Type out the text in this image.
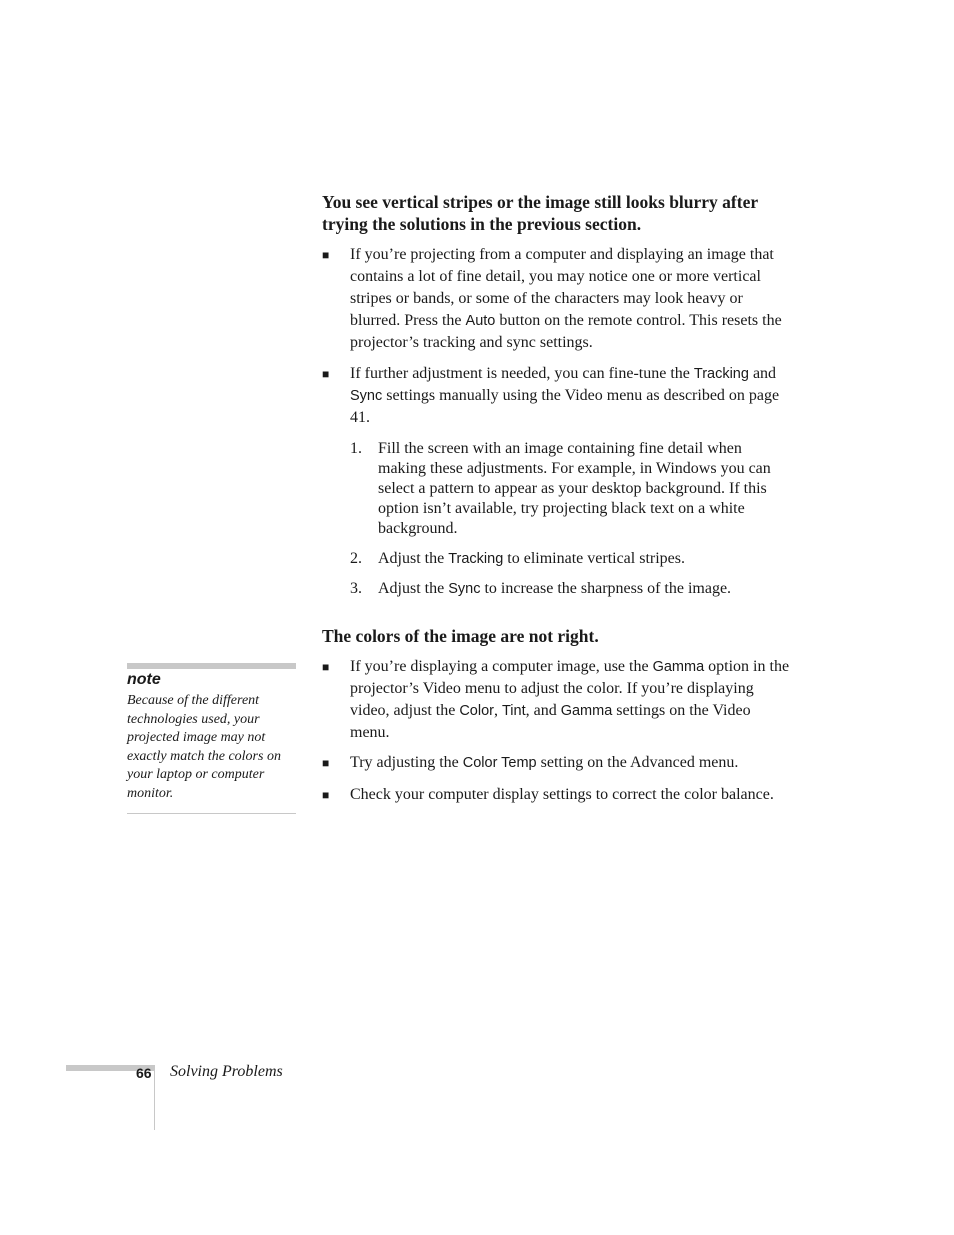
You see vertical stripes or the image still looks blurry after trying the solutions in the previous section.
■ If you’re projecting from a computer and displaying an image that contains a lot of fine detail, you may notice one or more vertical stripes or bands, or some of the characters may look heavy or blurred. Press the Auto button on the remote control. This resets the projector’s tracking and sync settings.
■ If further adjustment is needed, you can fine-tune the Tracking and Sync settings manually using the Video menu as described on page 41.
1. Fill the screen with an image containing fine detail when making these adjustments. For example, in Windows you can select a pattern to appear as your desktop background. If this option isn’t available, try projecting black text on a white background.
2. Adjust the Tracking to eliminate vertical stripes.
3. Adjust the Sync to increase the sharpness of the image.
The colors of the image are not right.
■ If you’re displaying a computer image, use the Gamma option in the projector’s Video menu to adjust the color. If you’re displaying video, adjust the Color, Tint, and Gamma settings on the Video menu.
■ Try adjusting the Color Temp setting on the Advanced menu.
■ Check your computer display settings to correct the color balance.

note

Because of the different technologies used, your projected image may not exactly match the colors on your laptop or computer monitor.
66 Solving Problems
